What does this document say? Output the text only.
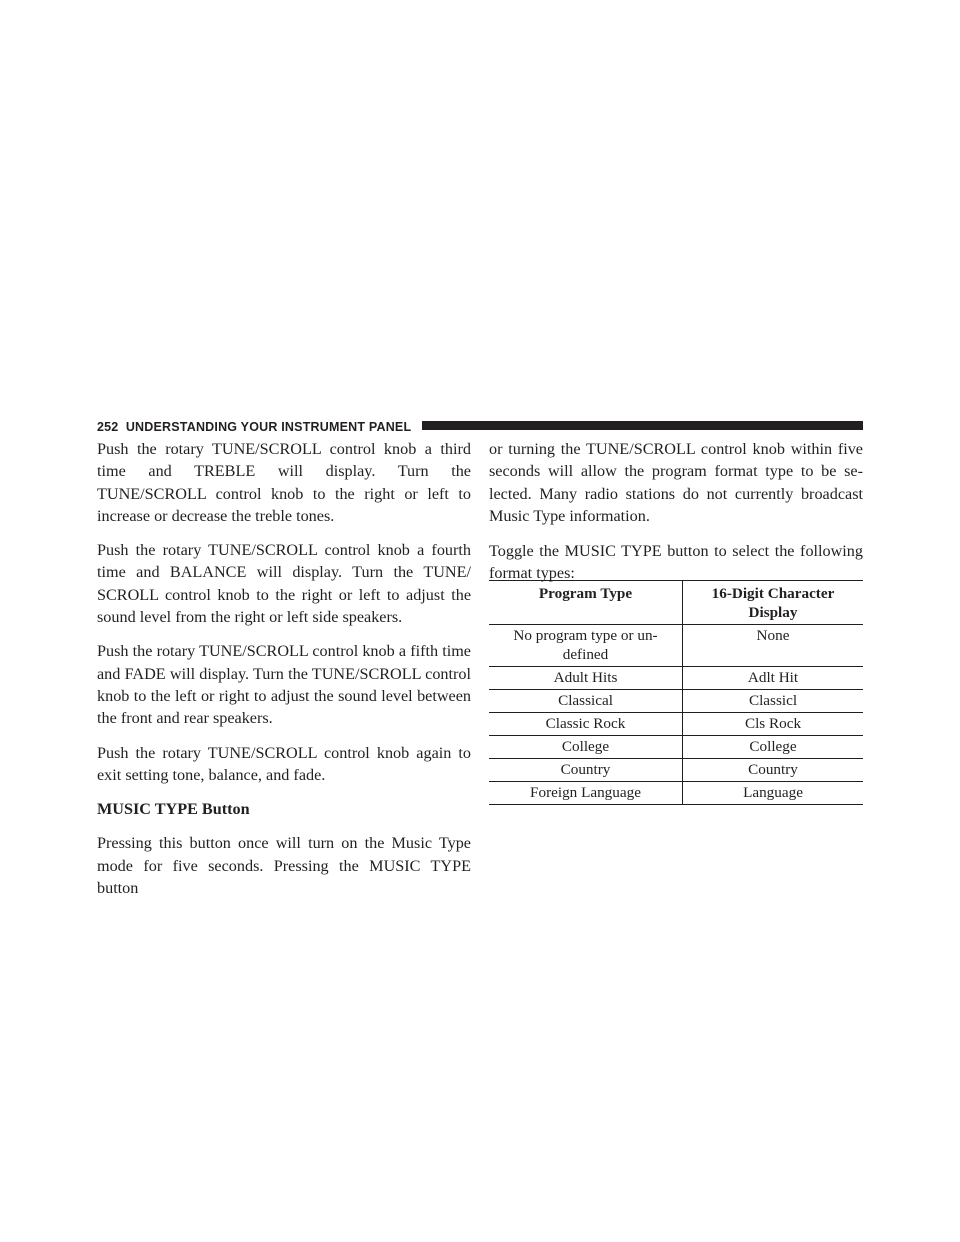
252 UNDERSTANDING YOUR INSTRUMENT PANEL

Push the rotary TUNE/SCROLL control knob a third time and TREBLE will display. Turn the TUNE/SCROLL control knob to the right or left to increase or decrease the treble tones.

Push the rotary TUNE/SCROLL control knob a fourth time and BALANCE will display. Turn the TUNE/ SCROLL control knob to the right or left to adjust the sound level from the right or left side speakers.

Push the rotary TUNE/SCROLL control knob a fifth time and FADE will display. Turn the TUNE/SCROLL control knob to the left or right to adjust the sound level between the front and rear speakers.

Push the rotary TUNE/SCROLL control knob again to exit setting tone, balance, and fade.

MUSIC TYPE Button

Pressing this button once will turn on the Music Type mode for five seconds. Pressing the MUSIC TYPE button

or turning the TUNE/SCROLL control knob within five seconds will allow the program format type to be se- lected. Many radio stations do not currently broadcast Music Type information.

Toggle the MUSIC TYPE button to select the following format types:

Program Type	16-Digit Character Display
No program type or un- defined	None
Adult Hits	Adlt Hit
Classical	Classicl
Classic Rock	Cls Rock
College	College
Country	Country
Foreign Language	Language
